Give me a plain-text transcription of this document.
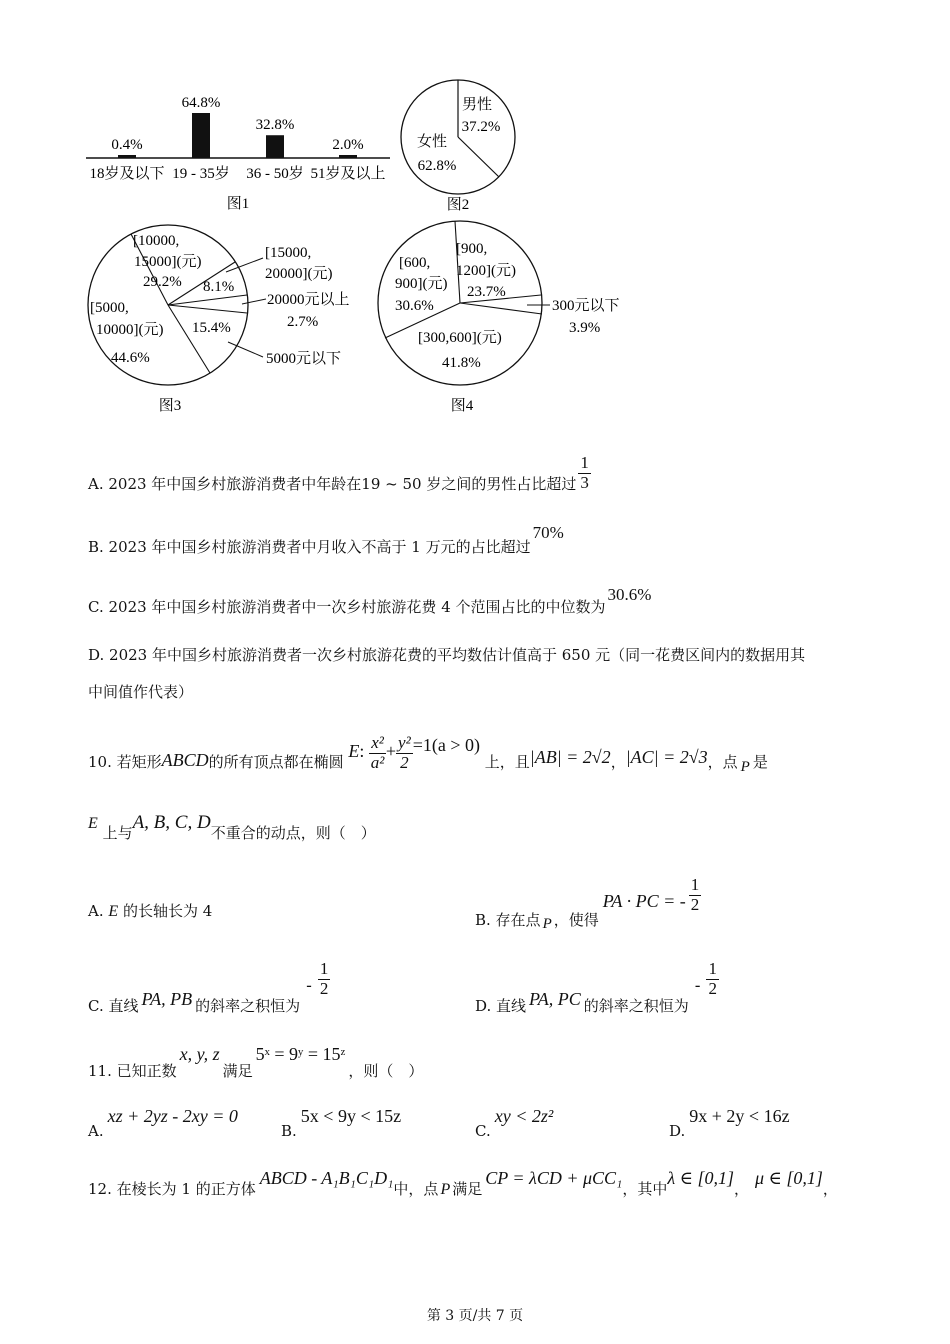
0.4%
18岁及以下
64.8%
19 - 35岁
32.8%
36 - 50岁
2.0%
51岁及以上
图1
男性
37.2%
女性
62.8%
图2
[10000,
15000](元)
29.2%
[15000,
20000](元)
8.1%
20000元以上
2.7%
15.4%
5000元以下
[5000,
10000](元)
44.6%
图3
[900,
1200](元)
23.7%
300元以下
3.9%
[300,600](元)
41.8%
[600,
900](元)
30.6%
图4
A. 2023 年中国乡村旅游消费者中年龄在19 ~ 50 岁之间的男性占比超过 $\frac{1}{3}$
B. 2023 年中国乡村旅游消费者中月收入不高于 1 万元的占比超过70%
C. 2023 年中国乡村旅游消费者中一次乡村旅游花费 4 个范围占比的中位数为30.6%
D. 2023 年中国乡村旅游消费者一次乡村旅游花费的平均数估计值高于 650 元（同一花费区间内的数据用其
中间值作代表）
10. 若矩形ABCD的所有顶点都在椭圆 E: $\frac{\text{x²}}{\text{a²}} + \frac{\text{y²}}{2} =1(a > 0)$ 上，且|AB| = 2√2，|AC| = 2√3，点 P 是
E 上与A, B, C, D不重合的动点，则（　）
A. E 的长轴长为 4
B. 存在点 P ，使得PA · PC = - $\frac{1}{2}$
C. 直线 PA, PB 的斜率之积恒为- $\frac{1}{2}$
D. 直线 PA, PC 的斜率之积恒为- $\frac{1}{2}$
11. 已知正数x, y, z满足5ˣ = 9ʸ = 15ᶻ，则（　）
A.xz + 2yz - 2xy = 0
B.5x < 9y < 15z
C.xy < 2z²
D.9x + 2y < 16z
12. 在棱长为 1 的正方体ABCD - A₁B₁C₁D₁中，点 P 满足CP = λCD + μCC₁，其中λ ∈ [0,1]，μ ∈ [0,1]，
第 3 页/共 7 页
